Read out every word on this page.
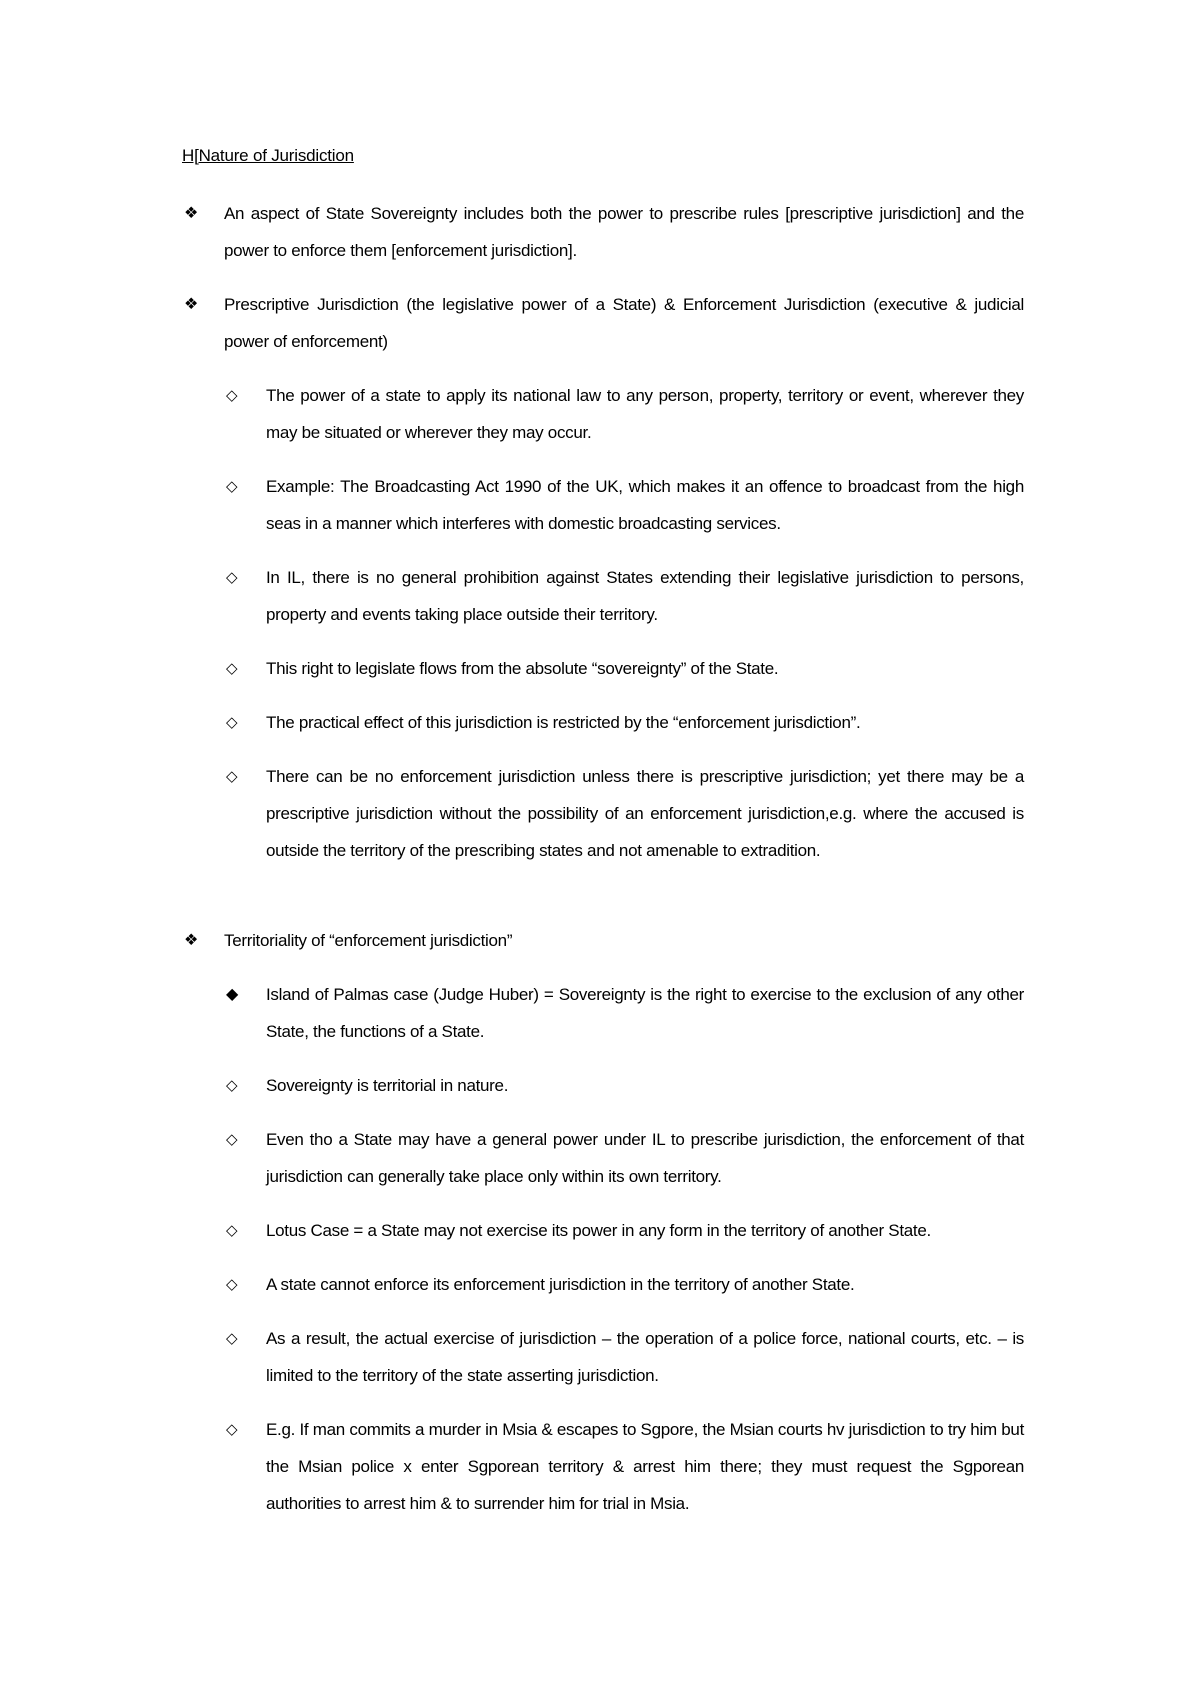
H[Nature of Jurisdiction
❖ An aspect of State Sovereignty includes both the power to prescribe rules [prescriptive jurisdiction] and the power to enforce them [enforcement jurisdiction].
❖ Prescriptive Jurisdiction (the legislative power of a State) & Enforcement Jurisdiction (executive & judicial power of enforcement)
◇ The power of a state to apply its national law to any person, property, territory or event, wherever they may be situated or wherever they may occur.
◇ Example: The Broadcasting Act 1990 of the UK, which makes it an offence to broadcast from the high seas in a manner which interferes with domestic broadcasting services.
◇ In IL, there is no general prohibition against States extending their legislative jurisdiction to persons, property and events taking place outside their territory.
◇ This right to legislate flows from the absolute “sovereignty” of the State.
◇ The practical effect of this jurisdiction is restricted by the “enforcement jurisdiction”.
◇ There can be no enforcement jurisdiction unless there is prescriptive jurisdiction; yet there may be a prescriptive jurisdiction without the possibility of an enforcement jurisdiction,e.g. where the accused is outside the territory of the prescribing states and not amenable to extradition.
❖ Territoriality of “enforcement jurisdiction”
◆ Island of Palmas case (Judge Huber) = Sovereignty is the right to exercise to the exclusion of any other State, the functions of a State.
◇ Sovereignty is territorial in nature.
◇ Even tho a State may have a general power under IL to prescribe jurisdiction, the enforcement of that jurisdiction can generally take place only within its own territory.
◇ Lotus Case = a State may not exercise its power in any form in the territory of another State.
◇ A state cannot enforce its enforcement jurisdiction in the territory of another State.
◇ As a result, the actual exercise of jurisdiction – the operation of a police force, national courts, etc. – is limited to the territory of the state asserting jurisdiction.
◇ E.g. If man commits a murder in Msia & escapes to Sgpore, the Msian courts hv jurisdiction to try him but the Msian police x enter Sgporean territory & arrest him there; they must request the Sgporean authorities to arrest him & to surrender him for trial in Msia.
